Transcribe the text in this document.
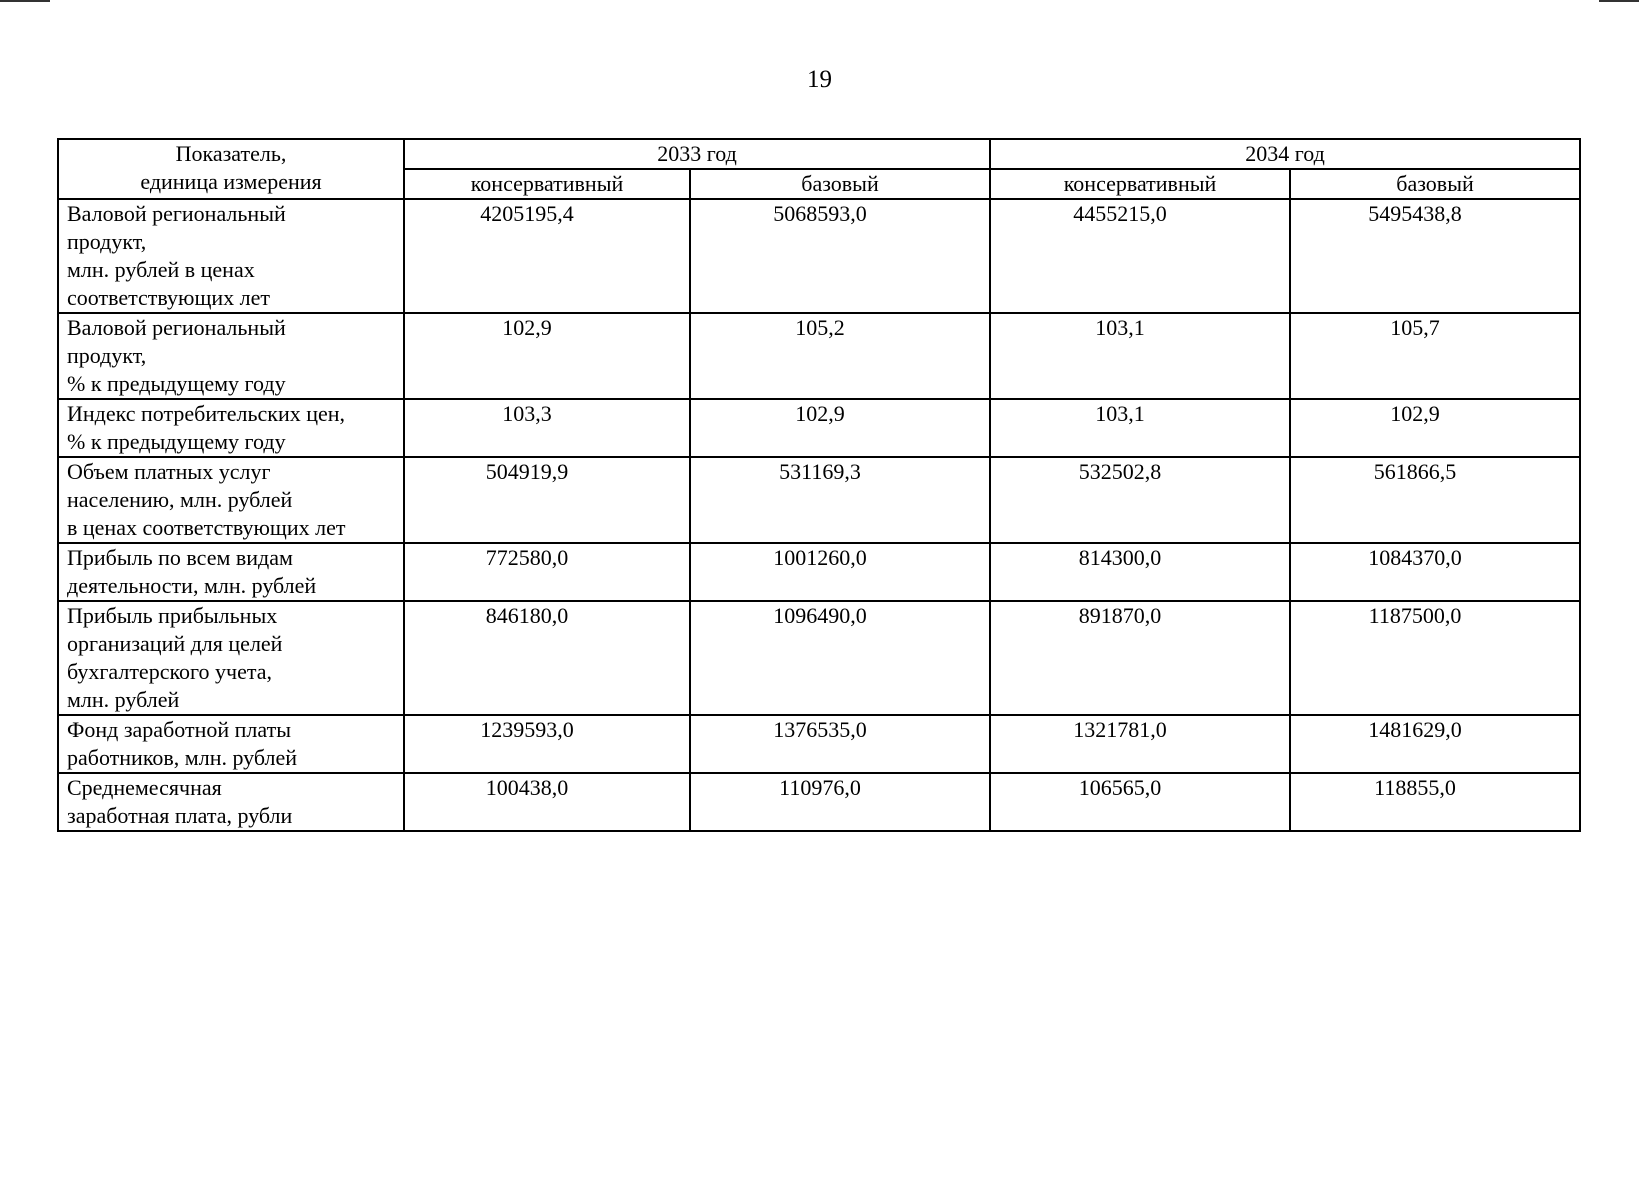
19
Показатель,
единица измерения	2033 год		2034 год	
	консервативный	базовый	консервативный	базовый

Валовой региональный
продукт,
млн. рублей в ценах
соответствующих лет	4205195,4	5068593,0	4455215,0	5495438,8

Валовой региональный
продукт,
% к предыдущему году	102,9	105,2	103,1	105,7

Индекс потребительских цен,
% к предыдущему году	103,3	102,9	103,1	102,9

Объем платных услуг
населению, млн. рублей
в ценах соответствующих лет	504919,9	531169,3	532502,8	561866,5

Прибыль по всем видам
деятельности, млн. рублей	772580,0	1001260,0	814300,0	1084370,0

Прибыль прибыльных
организаций для целей
бухгалтерского учета,
млн. рублей	846180,0	1096490,0	891870,0	1187500,0

Фонд заработной платы
работников, млн. рублей	1239593,0	1376535,0	1321781,0	1481629,0

Среднемесячная
заработная плата, рубли	100438,0	110976,0	106565,0	118855,0
